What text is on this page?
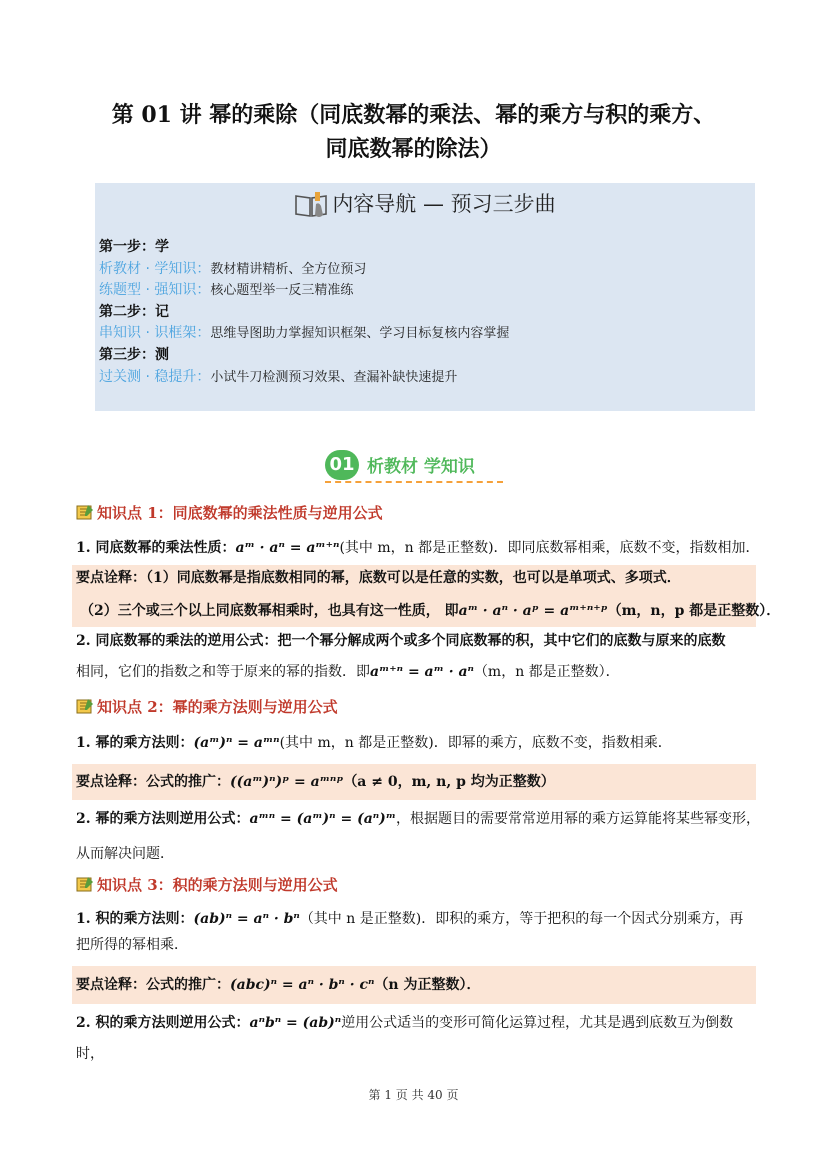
第 01 讲 幂的乘除（同底数幂的乘法、幂的乘方与积的乘方、
同底数幂的除法）
内容导航 — 预习三步曲
第一步：学
析教材 · 学知识：教材精讲精析、全方位预习
练题型 · 强知识：核心题型举一反三精准练
第二步：记
串知识 · 识框架：思维导图助力掌握知识框架、学习目标复核内容掌握
第三步：测
过关测 · 稳提升：小试牛刀检测预习效果、查漏补缺快速提升
01 析教材 学知识
知识点 1：同底数幂的乘法性质与逆用公式
1. 同底数幂的乘法性质：aᵐ · aⁿ = aᵐ⁺ⁿ(其中 m，n 都是正整数)．即同底数幂相乘，底数不变，指数相加．
要点诠释：（1）同底数幂是指底数相同的幂，底数可以是任意的实数，也可以是单项式、多项式．
（2）三个或三个以上同底数幂相乘时，也具有这一性质， 即aᵐ · aⁿ · aᵖ = aᵐ⁺ⁿ⁺ᵖ（m，n，p 都是正整数）．
2. 同底数幂的乘法的逆用公式：把一个幂分解成两个或多个同底数幂的积，其中它们的底数与原来的底数
相同，它们的指数之和等于原来的幂的指数．即aᵐ⁺ⁿ = aᵐ · aⁿ（m，n 都是正整数）．
知识点 2：幂的乘方法则与逆用公式
1. 幂的乘方法则：(aᵐ)ⁿ = aᵐⁿ(其中 m，n 都是正整数)．即幂的乘方，底数不变，指数相乘．
要点诠释：公式的推广：((aᵐ)ⁿ)ᵖ = aᵐⁿᵖ（a ≠ 0，m, n, p 均为正整数）
2. 幂的乘方法则逆用公式：aᵐⁿ = (aᵐ)ⁿ = (aⁿ)ᵐ，根据题目的需要常常逆用幂的乘方运算能将某些幂变形，
从而解决问题．
知识点 3：积的乘方法则与逆用公式
1. 积的乘方法则：(ab)ⁿ = aⁿ · bⁿ（其中 n 是正整数)．即积的乘方，等于把积的每一个因式分别乘方，再
把所得的幂相乘．
要点诠释：公式的推广：(abc)ⁿ = aⁿ · bⁿ · cⁿ（n 为正整数）．
2. 积的乘方法则逆用公式：aⁿbⁿ = (ab)ⁿ逆用公式适当的变形可简化运算过程，尤其是遇到底数互为倒数
时，
第 1 页 共 40 页
